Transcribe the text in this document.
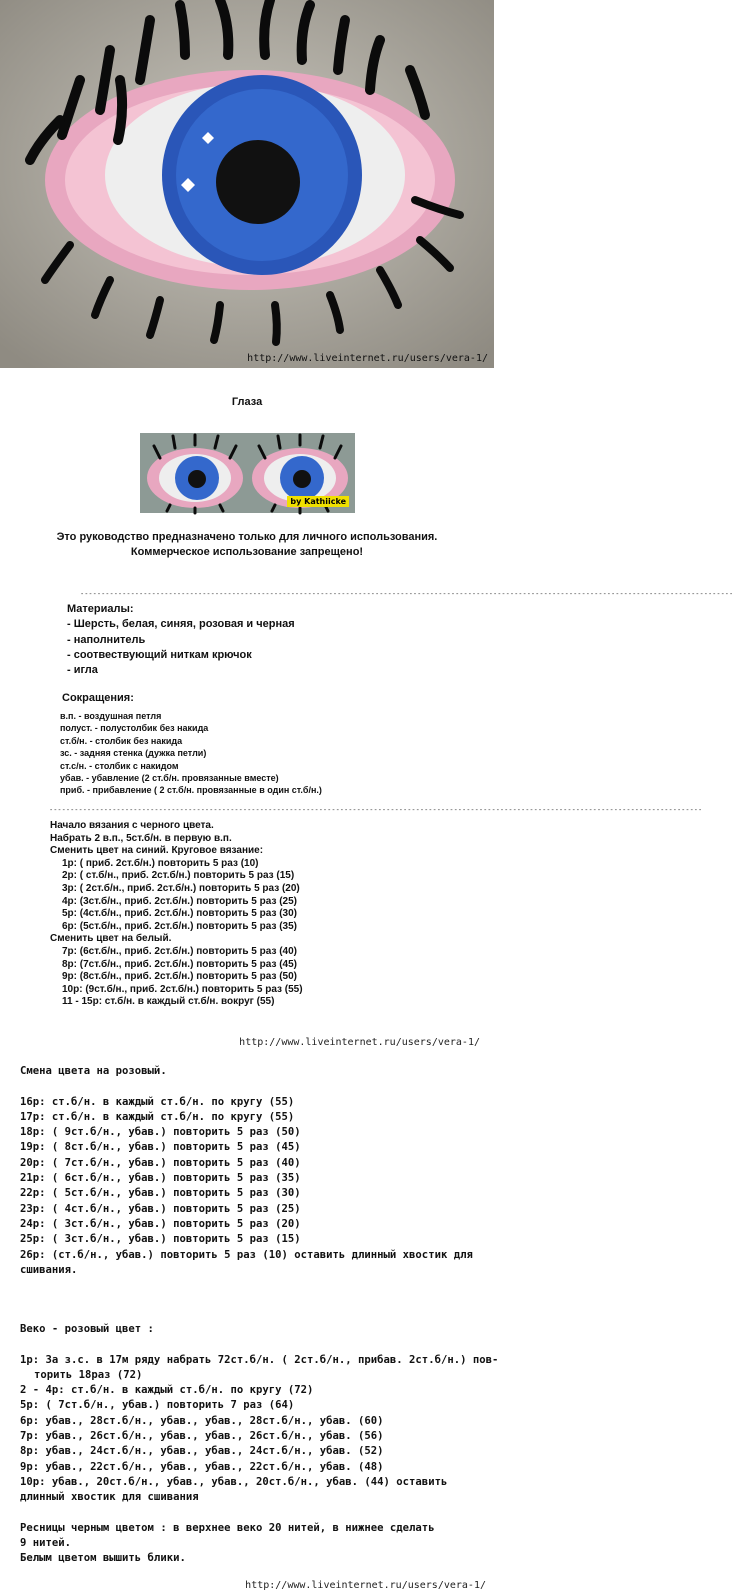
http://www.liveinternet.ru/users/vera-1/
Глаза
by Kathiicke

Это руководство предназначено только для личного использования.

Коммерческое использование запрещено!

-----------------------------------------------------------------------------------------------------------------------------------------------------------

Материалы:

- Шерсть, белая, синяя, розовая и черная

- наполнитель

- соотвествующий ниткам крючок

- игла

Сокращения:

в.п. - воздушная петля

полуст. - полустолбик без накида

ст.б/н. - столбик без накида

зс. - задняя стенка (дужка петли)

ст.с/н. - столбик с накидом

убав. - убавление (2 ст.б/н. провязанные вместе)

приб. - прибавление ( 2 ст.б/н. провязанные в один ст.б/н.)

-----------------------------------------------------------------------------------------------------------------------------------------------------------

Начало вязания с черного цвета.

Набрать 2 в.п., 5ст.б/н. в первую в.п.

Сменить цвет на синий. Круговое вязание:

1р: ( приб. 2ст.б/н.) повторить 5 раз (10)

2р: ( ст.б/н., приб. 2ст.б/н.) повторить 5 раз (15)

3р: ( 2ст.б/н., приб. 2ст.б/н.) повторить 5 раз (20)

4р: (3ст.б/н., приб. 2ст.б/н.) повторить 5 раз (25)

5р: (4ст.б/н., приб. 2ст.б/н.) повторить 5 раз (30)

6р: (5ст.б/н., приб. 2ст.б/н.) повторить 5 раз (35)

Сменить цвет на белый.

7р: (6ст.б/н., приб. 2ст.б/н.) повторить 5 раз (40)

8р: (7ст.б/н., приб. 2ст.б/н.) повторить 5 раз (45)

9р: (8ст.б/н., приб. 2ст.б/н.) повторить 5 раз (50)

10р: (9ст.б/н., приб. 2ст.б/н.) повторить 5 раз (55)

11 - 15р: ст.б/н. в каждый ст.б/н. вокруг (55)

http://www.liveinternet.ru/users/vera-1/

Смена цвета на розовый.

16р: ст.б/н. в каждый ст.б/н. по кругу (55)

17р: ст.б/н. в каждый ст.б/н. по кругу (55)

18р: ( 9ст.б/н., убав.) повторить 5 раз (50)

19р: ( 8ст.б/н., убав.) повторить 5 раз (45)

20р: ( 7ст.б/н., убав.) повторить 5 раз (40)

21р: ( 6ст.б/н., убав.) повторить 5 раз (35)

22р: ( 5ст.б/н., убав.) повторить 5 раз (30)

23р: ( 4ст.б/н., убав.) повторить 5 раз (25)

24р: ( 3ст.б/н., убав.) повторить 5 раз (20)

25р: ( 3ст.б/н., убав.) повторить 5 раз (15)

26р: (ст.б/н., убав.) повторить 5 раз (10) оставить длинный хвостик для

сшивания.

Веко - розовый цвет :

1р: За з.с. в 17м ряду набрать 72ст.б/н. ( 2ст.б/н., прибав. 2ст.б/н.) пов-

торить 18раз (72)

2 - 4р: ст.б/н. в каждый ст.б/н. по кругу (72)

5р: ( 7ст.б/н., убав.) повторить 7 раз (64)

6р: убав., 28ст.б/н., убав., убав., 28ст.б/н., убав. (60)

7р: убав., 26ст.б/н., убав., убав., 26ст.б/н., убав. (56)

8р: убав., 24ст.б/н., убав., убав., 24ст.б/н., убав. (52)

9р: убав., 22ст.б/н., убав., убав., 22ст.б/н., убав. (48)

10р: убав., 20ст.б/н., убав., убав., 20ст.б/н., убав. (44) оставить

длинный хвостик для сшивания

Ресницы черным цветом : в верхнее веко 20 нитей, в нижнее сделать

9 нитей.

Белым цветом вышить блики.

http://www.liveinternet.ru/users/vera-1/
